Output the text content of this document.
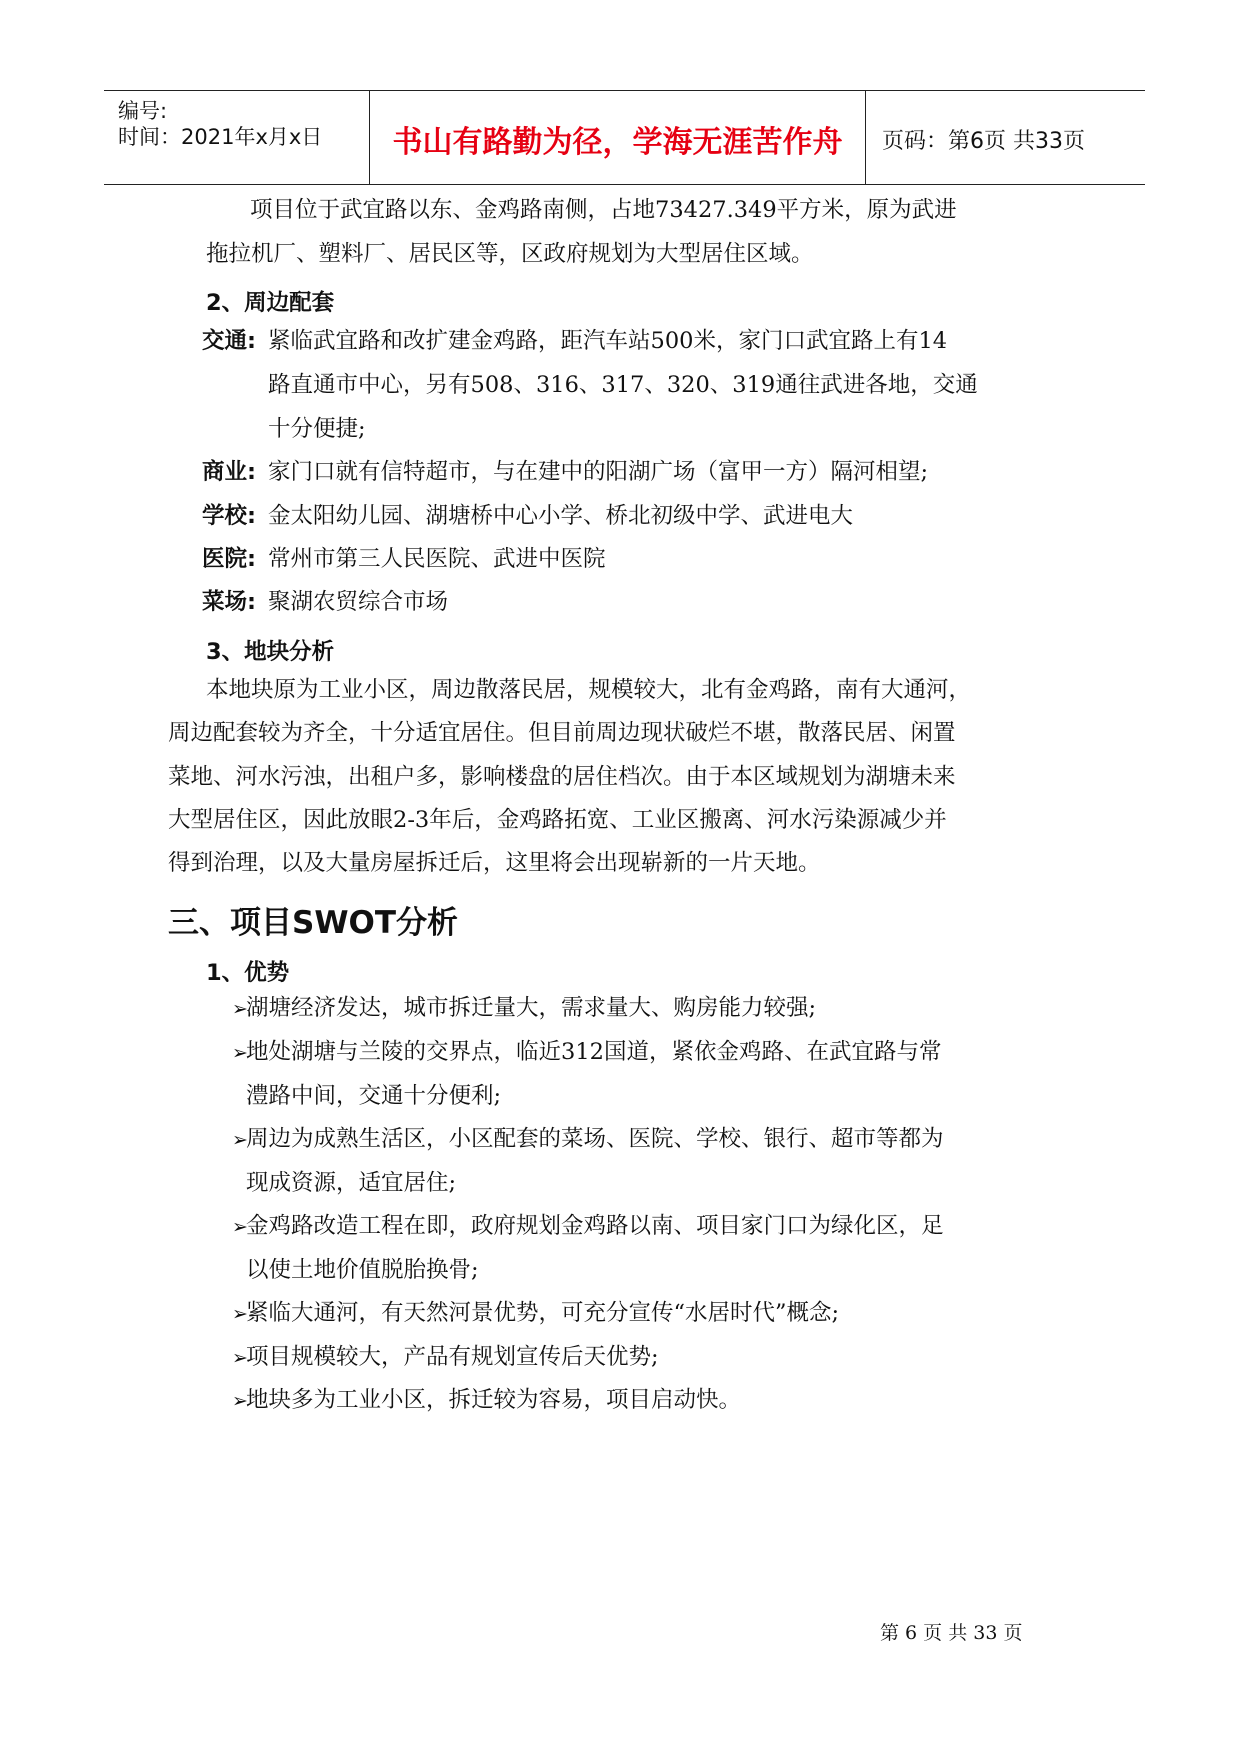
编号:
时间：2021年x月x日	书山有路勤为径，学海无涯苦作舟	页码：第6页 共33页
项目位于武宜路以东、金鸡路南侧，占地73427.349平方米，原为武进
拖拉机厂、塑料厂、居民区等，区政府规划为大型居住区域。
2、周边配套
交通: 紧临武宜路和改扩建金鸡路，距汽车站500米，家门口武宜路上有14
路直通市中心，另有508、316、317、320、319通往武进各地，交通
十分便捷;
商业: 家门口就有信特超市，与在建中的阳湖广场（富甲一方）隔河相望;
学校: 金太阳幼儿园、湖塘桥中心小学、桥北初级中学、武进电大
医院: 常州市第三人民医院、武进中医院
菜场: 聚湖农贸综合市场
3、地块分析
本地块原为工业小区，周边散落民居，规模较大，北有金鸡路，南有大通河，
周边配套较为齐全，十分适宜居住。但目前周边现状破烂不堪，散落民居、闲置
菜地、河水污浊，出租户多，影响楼盘的居住档次。由于本区域规划为湖塘未来
大型居住区，因此放眼2-3年后，金鸡路拓宽、工业区搬离、河水污染源减少并
得到治理，以及大量房屋拆迁后，这里将会出现崭新的一片天地。
三、项目SWOT分析
1、优势
➢
湖塘经济发达，城市拆迁量大，需求量大、购房能力较强;
➢
地处湖塘与兰陵的交界点，临近312国道，紧依金鸡路、在武宜路与常
澧路中间，交通十分便利;
➢
周边为成熟生活区，小区配套的菜场、医院、学校、银行、超市等都为
现成资源，适宜居住;
➢
金鸡路改造工程在即，政府规划金鸡路以南、项目家门口为绿化区，足
以使土地价值脱胎换骨;
➢
紧临大通河，有天然河景优势，可充分宣传“水居时代”概念;
➢
项目规模较大，产品有规划宣传后天优势;
➢
地块多为工业小区，拆迁较为容易，项目启动快。
第 6 页 共 33 页
